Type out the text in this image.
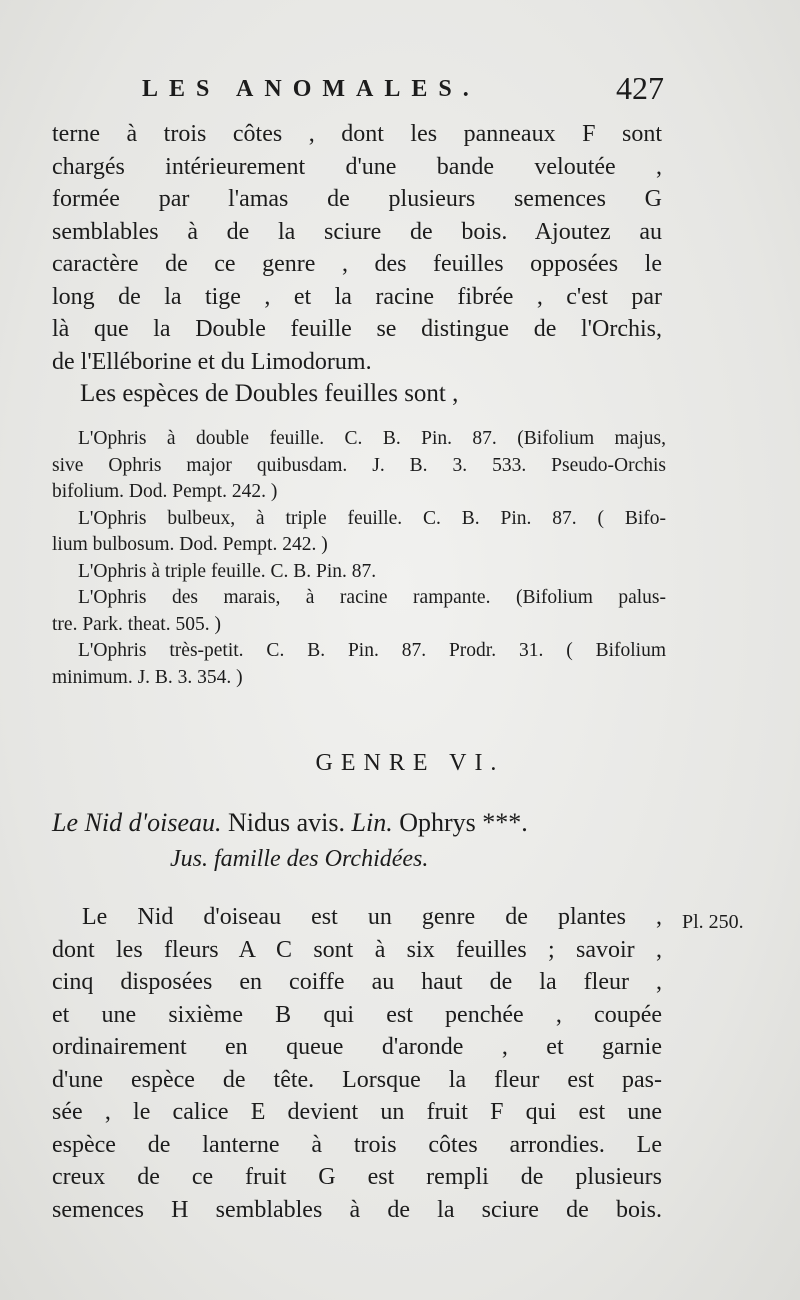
LES ANOMALES.	427
terne à trois côtes , dont les panneaux F sont
chargés intérieurement d'une bande veloutée ,
formée par l'amas de plusieurs semences G
semblables à de la sciure de bois. Ajoutez au
caractère de ce genre , des feuilles opposées le
long de la tige , et la racine fibrée , c'est par
là que la Double feuille se distingue de l'Orchis,
de l'Elléborine et du Limodorum.
Les espèces de Doubles feuilles sont ,
L'Ophris à double feuille. C. B. Pin. 87. (Bifolium majus,
sive Ophris major quibusdam. J. B. 3. 533. Pseudo-Orchis
bifolium. Dod. Pempt. 242. )
L'Ophris bulbeux, à triple feuille. C. B. Pin. 87. ( Bifo-
lium bulbosum. Dod. Pempt. 242. )
L'Ophris à triple feuille. C. B. Pin. 87.
L'Ophris des marais, à racine rampante. (Bifolium palus-
tre. Park. theat. 505. )
L'Ophris très-petit. C. B. Pin. 87. Prodr. 31. ( Bifolium
minimum. J. B. 3. 354. )
GENRE VI.
Le Nid d'oiseau. Nidus avis. Lin. Ophrys ***.
Jus. famille des Orchidées.
Pl. 250.
Le Nid d'oiseau est un genre de plantes ,
dont les fleurs A C sont à six feuilles ; savoir ,
cinq disposées en coiffe au haut de la fleur ,
et une sixième B qui est penchée , coupée
ordinairement en queue d'aronde , et garnie
d'une espèce de tête. Lorsque la fleur est pas-
sée , le calice E devient un fruit F qui est une
espèce de lanterne à trois côtes arrondies. Le
creux de ce fruit G est rempli de plusieurs
semences H semblables à de la sciure de bois.
